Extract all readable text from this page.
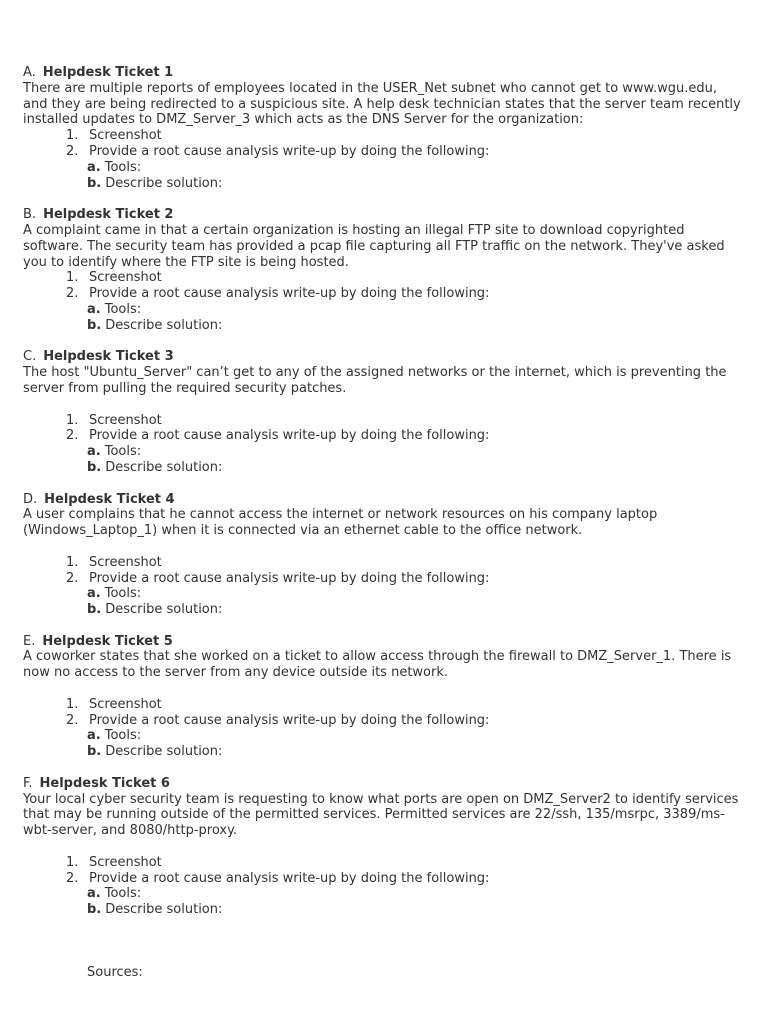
A. Helpdesk Ticket 1

There are multiple reports of employees located in the USER_Net subnet who cannot get to www.wgu.edu, and they are being redirected to a suspicious site. A help desk technician states that the server team recently installed updates to DMZ_Server_3 which acts as the DNS Server for the organization:

1. Screenshot
2. Provide a root cause analysis write-up by doing the following:
a. Tools:
b. Describe solution:
B. Helpdesk Ticket 2

A complaint came in that a certain organization is hosting an illegal FTP site to download copyrighted software. The security team has provided a pcap file capturing all FTP traffic on the network. They've asked you to identify where the FTP site is being hosted.

1. Screenshot
2. Provide a root cause analysis write-up by doing the following:
a. Tools:
b. Describe solution:
C. Helpdesk Ticket 3

The host "Ubuntu_Server" can’t get to any of the assigned networks or the internet, which is preventing the server from pulling the required security patches.

1. Screenshot
2. Provide a root cause analysis write-up by doing the following:
a. Tools:
b. Describe solution:
D. Helpdesk Ticket 4

A user complains that he cannot access the internet or network resources on his company laptop (Windows_Laptop_1) when it is connected via an ethernet cable to the office network.

1. Screenshot
2. Provide a root cause analysis write-up by doing the following:
a. Tools:
b. Describe solution:
E. Helpdesk Ticket 5

A coworker states that she worked on a ticket to allow access through the firewall to DMZ_Server_1. There is now no access to the server from any device outside its network.

1. Screenshot
2. Provide a root cause analysis write-up by doing the following:
a. Tools:
b. Describe solution:
F. Helpdesk Ticket 6

Your local cyber security team is requesting to know what ports are open on DMZ_Server2 to identify services that may be running outside of the permitted services. Permitted services are 22/ssh, 135/msrpc, 3389/ms-wbt-server, and 8080/http-proxy.

1. Screenshot
2. Provide a root cause analysis write-up by doing the following:
a. Tools:
b. Describe solution:
Sources:
